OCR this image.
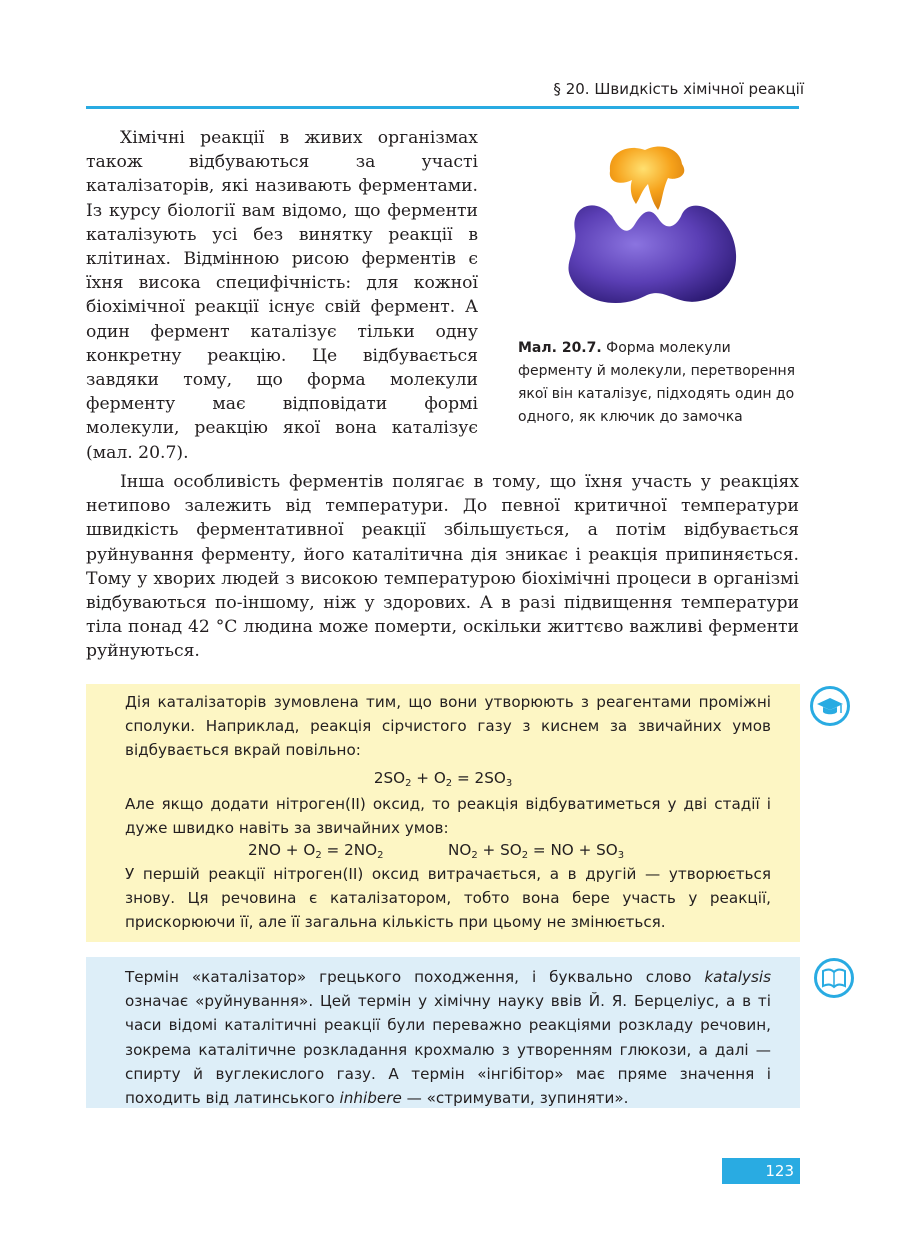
§ 20. Швидкість хімічної реакції
Хімічні реакції в живих організмах також відбуваються за участі каталізаторів, які називають ферментами. Із курсу біології вам відомо, що ферменти каталізують усі без винятку реакції в клітинах. Відмінною рисою ферментів є їхня висока специфічність: для кожної біохімічної реакції існує свій фермент. А один фермент каталізує тільки одну конкретну реакцію. Це відбувається завдяки тому, що форма молекули ферменту має відповідати формі молекули, реакцію якої вона каталізує (мал. 20.7).
Мал. 20.7. Форма молекули ферменту й молекули, перетворення якої він каталізує, підходять один до одного, як ключик до замочка
Інша особливість ферментів полягає в тому, що їхня участь у реакціях нетипово залежить від температури. До певної критичної температури швидкість ферментативної реакції збільшується, а потім відбувається руйнування ферменту, його каталітична дія зникає і реакція припиняється. Тому у хворих людей з високою температурою біохімічні процеси в організмі відбуваються по-іншому, ніж у здорових. А в разі підвищення температури тіла понад 42 °C людина може померти, оскільки життєво важливі ферменти руйнуються.
Дія каталізаторів зумовлена тим, що вони утворюють з реагентами проміжні сполуки. Наприклад, реакція сірчистого газу з киснем за звичайних умов відбувається вкрай повільно:
$2SO_2 + O_2 = 2SO_3$
Але якщо додати нітроген(ІІ) оксид, то реакція відбуватиметься у дві стадії і дуже швидко навіть за звичайних умов:
$2NO + O_2 = 2NO_2$	$NO_2 + SO_2$ = NO + $SO_3$
У першій реакції нітроген(ІІ) оксид витрачається, а в другій — утворюється знову. Ця речовина є каталізатором, тобто вона бере участь у реакції, прискорюючи її, але її загальна кількість при цьому не змінюється.
Термін «каталізатор» грецького походження, і буквально слово katalysis означає «руйнування». Цей термін у хімічну науку ввів Й. Я. Берцеліус, а в ті часи відомі каталітичні реакції були переважно реакціями розкладу речовин, зокрема каталітичне розкладання крохмалю з утворенням глюкози, а далі — спирту й вуглекислого газу. А термін «інгібітор» має пряме значення і походить від латинського inhibere — «стримувати, зупиняти».
123
